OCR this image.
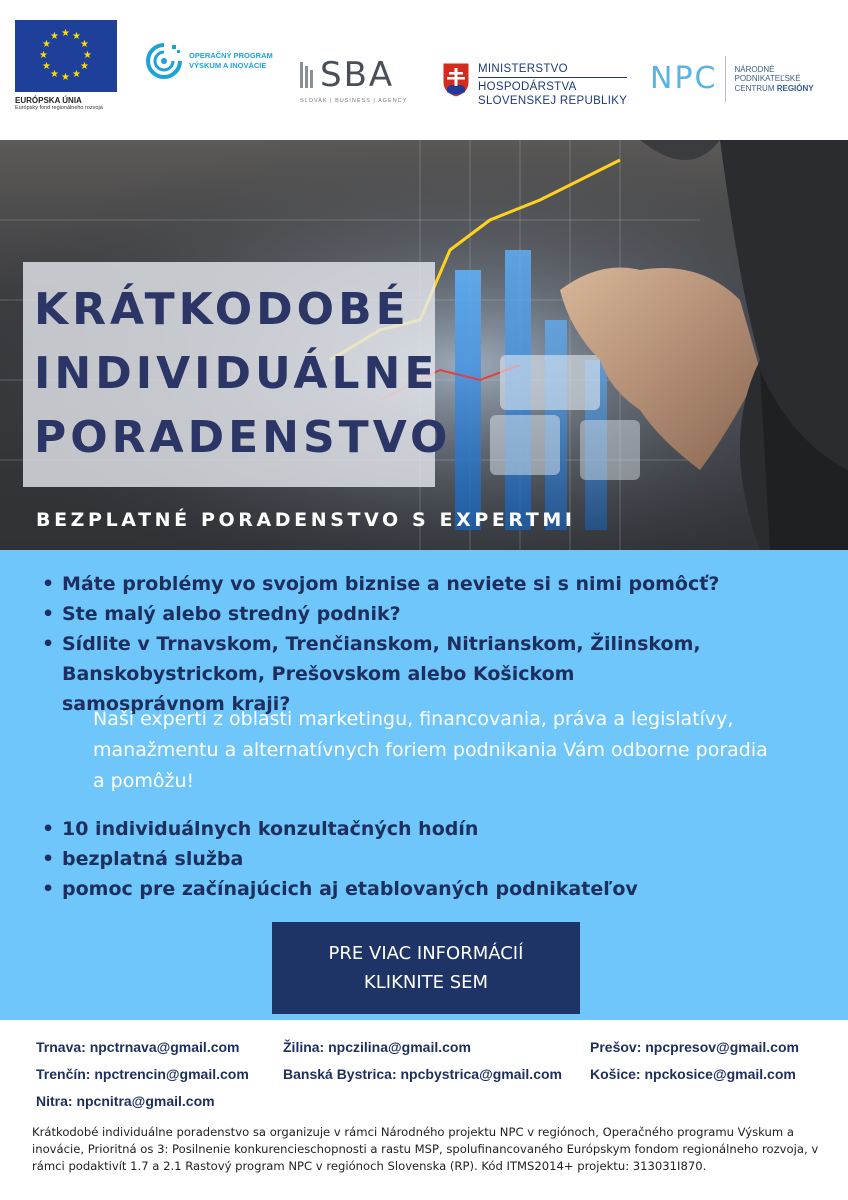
★ ★
★
★
★
★
★
★
★
★
★
★
EURÓPSKA ÚNIA
Európsky fond regionálneho rozvoja
OPERAČNÝ PROGRAM
VÝSKUM A INOVÁCIE SBA
SLOVAK | BUSINESS | AGENCY
MINISTERSTVO
HOSPODÁRSTVA
SLOVENSKEJ REPUBLIKY
NPC NÁRODNÉ
PODNIKATEĽSKÉ
CENTRUM REGIÓNY
KRÁTKODOBÉ
INDIVIDUÁLNE
PORADENSTVO
BEZPLATNÉ PORADENSTVO S EXPERTMI
• Máte problémy vo svojom biznise a neviete si s nimi pomôcť?
• Ste malý alebo stredný podnik?
• Sídlite v Trnavskom, Trenčianskom, Nitrianskom, Žilinskom, Banskobystrickom, Prešovskom alebo Košickom samosprávnom kraji?
Naši experti z oblasti marketingu, financovania, práva a legislatívy, manažmentu a alternatívnych foriem podnikania Vám odborne poradia a pomôžu!
• 10 individuálnych konzultačných hodín
• bezplatná služba
• pomoc pre začínajúcich aj etablovaných podnikateľov
PRE VIAC INFORMÁCIÍ
KLIKNITE SEM
Trnava: npctrnava@gmail.com
Trenčín: npctrencin@gmail.com
Nitra: npcnitra@gmail.com
Žilina: npczilina@gmail.com
Banská Bystrica: npcbystrica@gmail.com
Prešov: npcpresov@gmail.com
Košice: npckosice@gmail.com
Krátkodobé individuálne poradenstvo sa organizuje v rámci Národného projektu NPC v regiónoch, Operačného programu Výskum a inovácie, Prioritná os 3: Posilnenie konkurencieschopnosti a rastu MSP, spolufinancovaného Európskym fondom regionálneho rozvoja, v rámci podaktivít 1.7 a 2.1 Rastový program NPC v regiónoch Slovenska (RP). Kód ITMS2014+ projektu: 313031I870.
